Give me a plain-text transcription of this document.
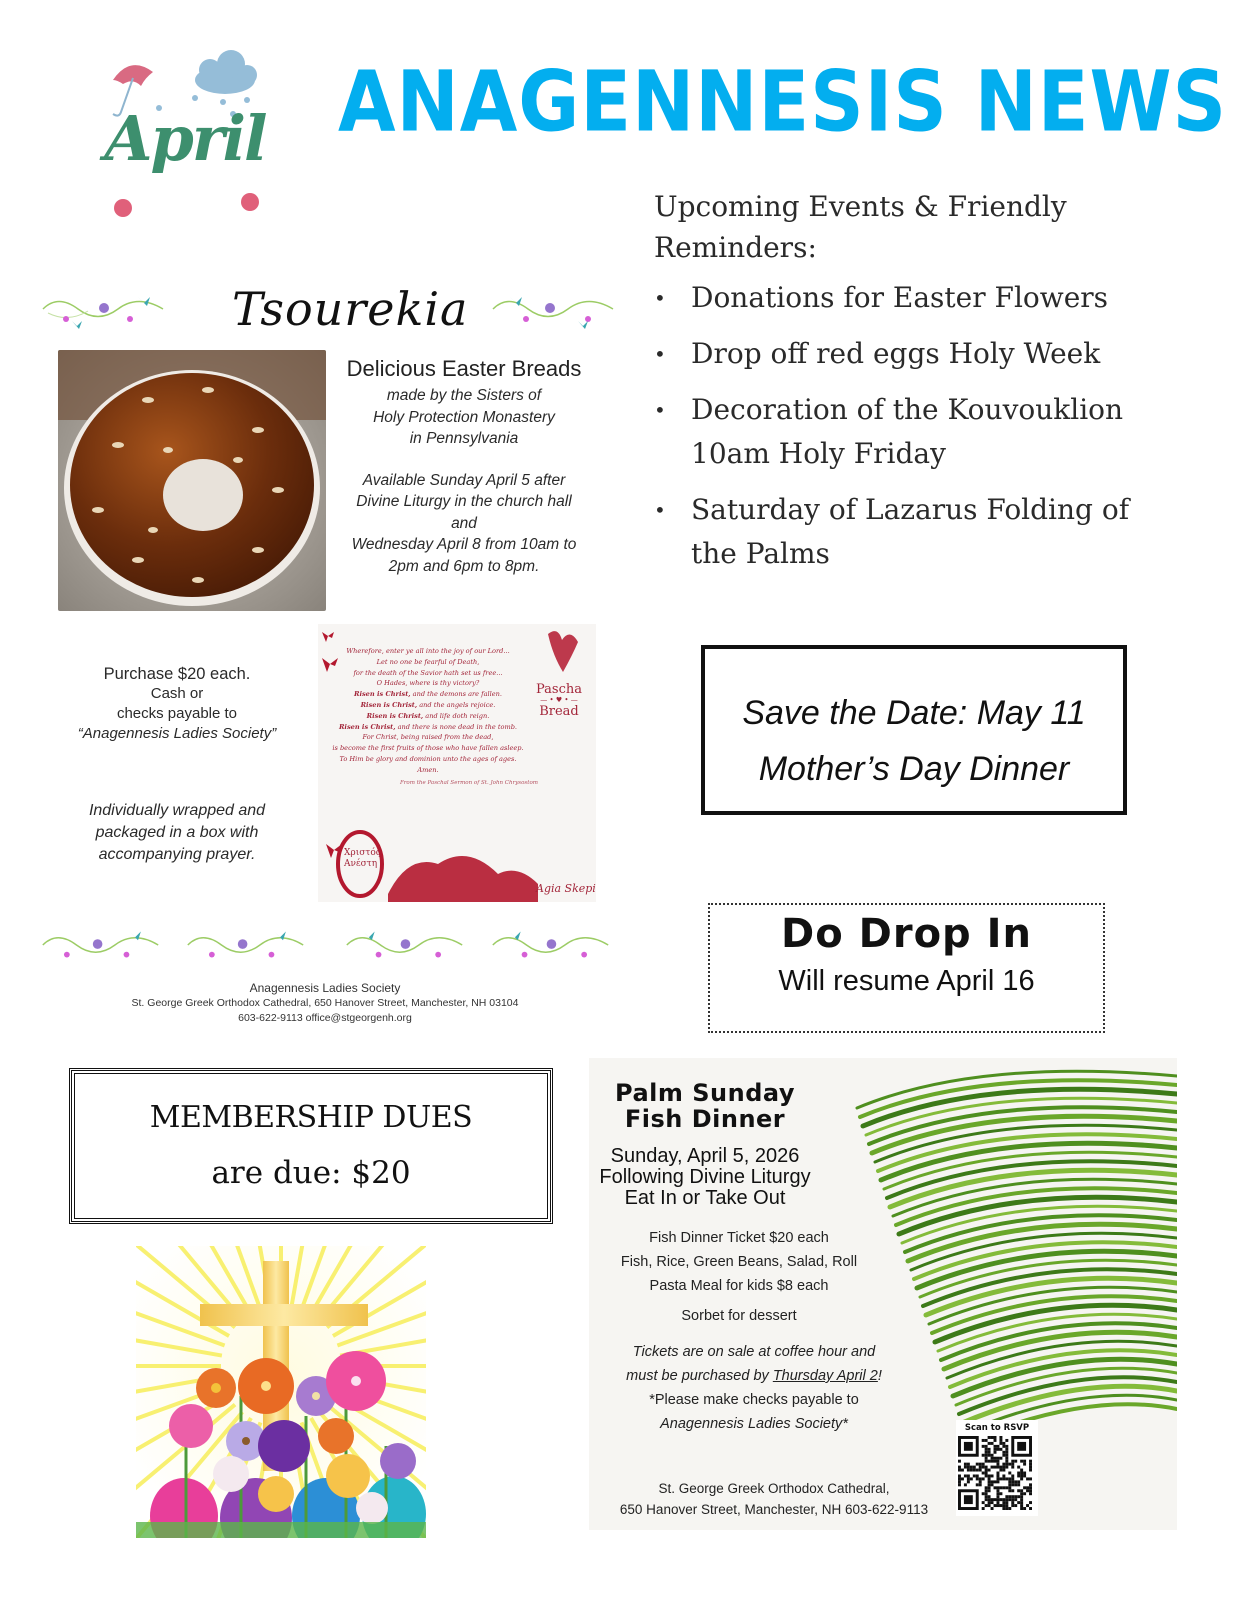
April ANAGENNESIS NEWS
Upcoming Events & Friendly
Reminders:
• Donations for Easter Flowers
• Drop off red eggs Holy Week
• Decoration of the Kouvouklion
10am Holy Friday
• Saturday of Lazarus Folding of
the Palms
Tsourekia
Delicious Easter Breads
made by the Sisters of
Holy Protection Monastery
in Pennsylvania
Available Sunday April 5 after
Divine Liturgy in the church hall
and
Wednesday April 8 from 10am to
2pm and 6pm to 8pm.
Purchase $20 each.
Cash or
checks payable to
“Anagennesis Ladies Society”
Individually wrapped and
packaged in a box with
accompanying prayer.
Wherefore, enter ye all into the joy of our Lord...
Let no one be fearful of Death,
for the death of the Savior hath set us free...
O Hades, where is thy victory?
Risen is Christ, and the demons are fallen.
Risen is Christ, and the angels rejoice.
Risen is Christ, and life doth reign.
Risen is Christ, and there is none dead in the tomb.
For Christ, being raised from the dead,
is become the first fruits of those who have fallen asleep.
To Him be glory and dominion unto the ages of ages.
Amen.
From the Paschal Sermon of St. John Chrysostom
Pascha
— • ♥ • —
Bread
Χριστός
Ανέστη
Agia Skepi
Anagennesis Ladies Society
St. George Greek Orthodox Cathedral, 650 Hanover Street, Manchester, NH 03104
603-622-9113 office@stgeorgenh.org
Save the Date: May 11
Mother’s Day Dinner
Do Drop In
Will resume April 16
MEMBERSHIP DUES
are due: $20
Palm Sunday
Fish Dinner
Sunday, April 5, 2026
Following Divine Liturgy
Eat In or Take Out
Fish Dinner Ticket $20 each
Fish, Rice, Green Beans, Salad, Roll
Pasta Meal for kids $8 each
Sorbet for dessert
Tickets are on sale at coffee hour and
must be purchased by Thursday April 2!
*Please make checks payable to
Anagennesis Ladies Society*
St. George Greek Orthodox Cathedral,
650 Hanover Street, Manchester, NH 603-622-9113
Scan to RSVP
